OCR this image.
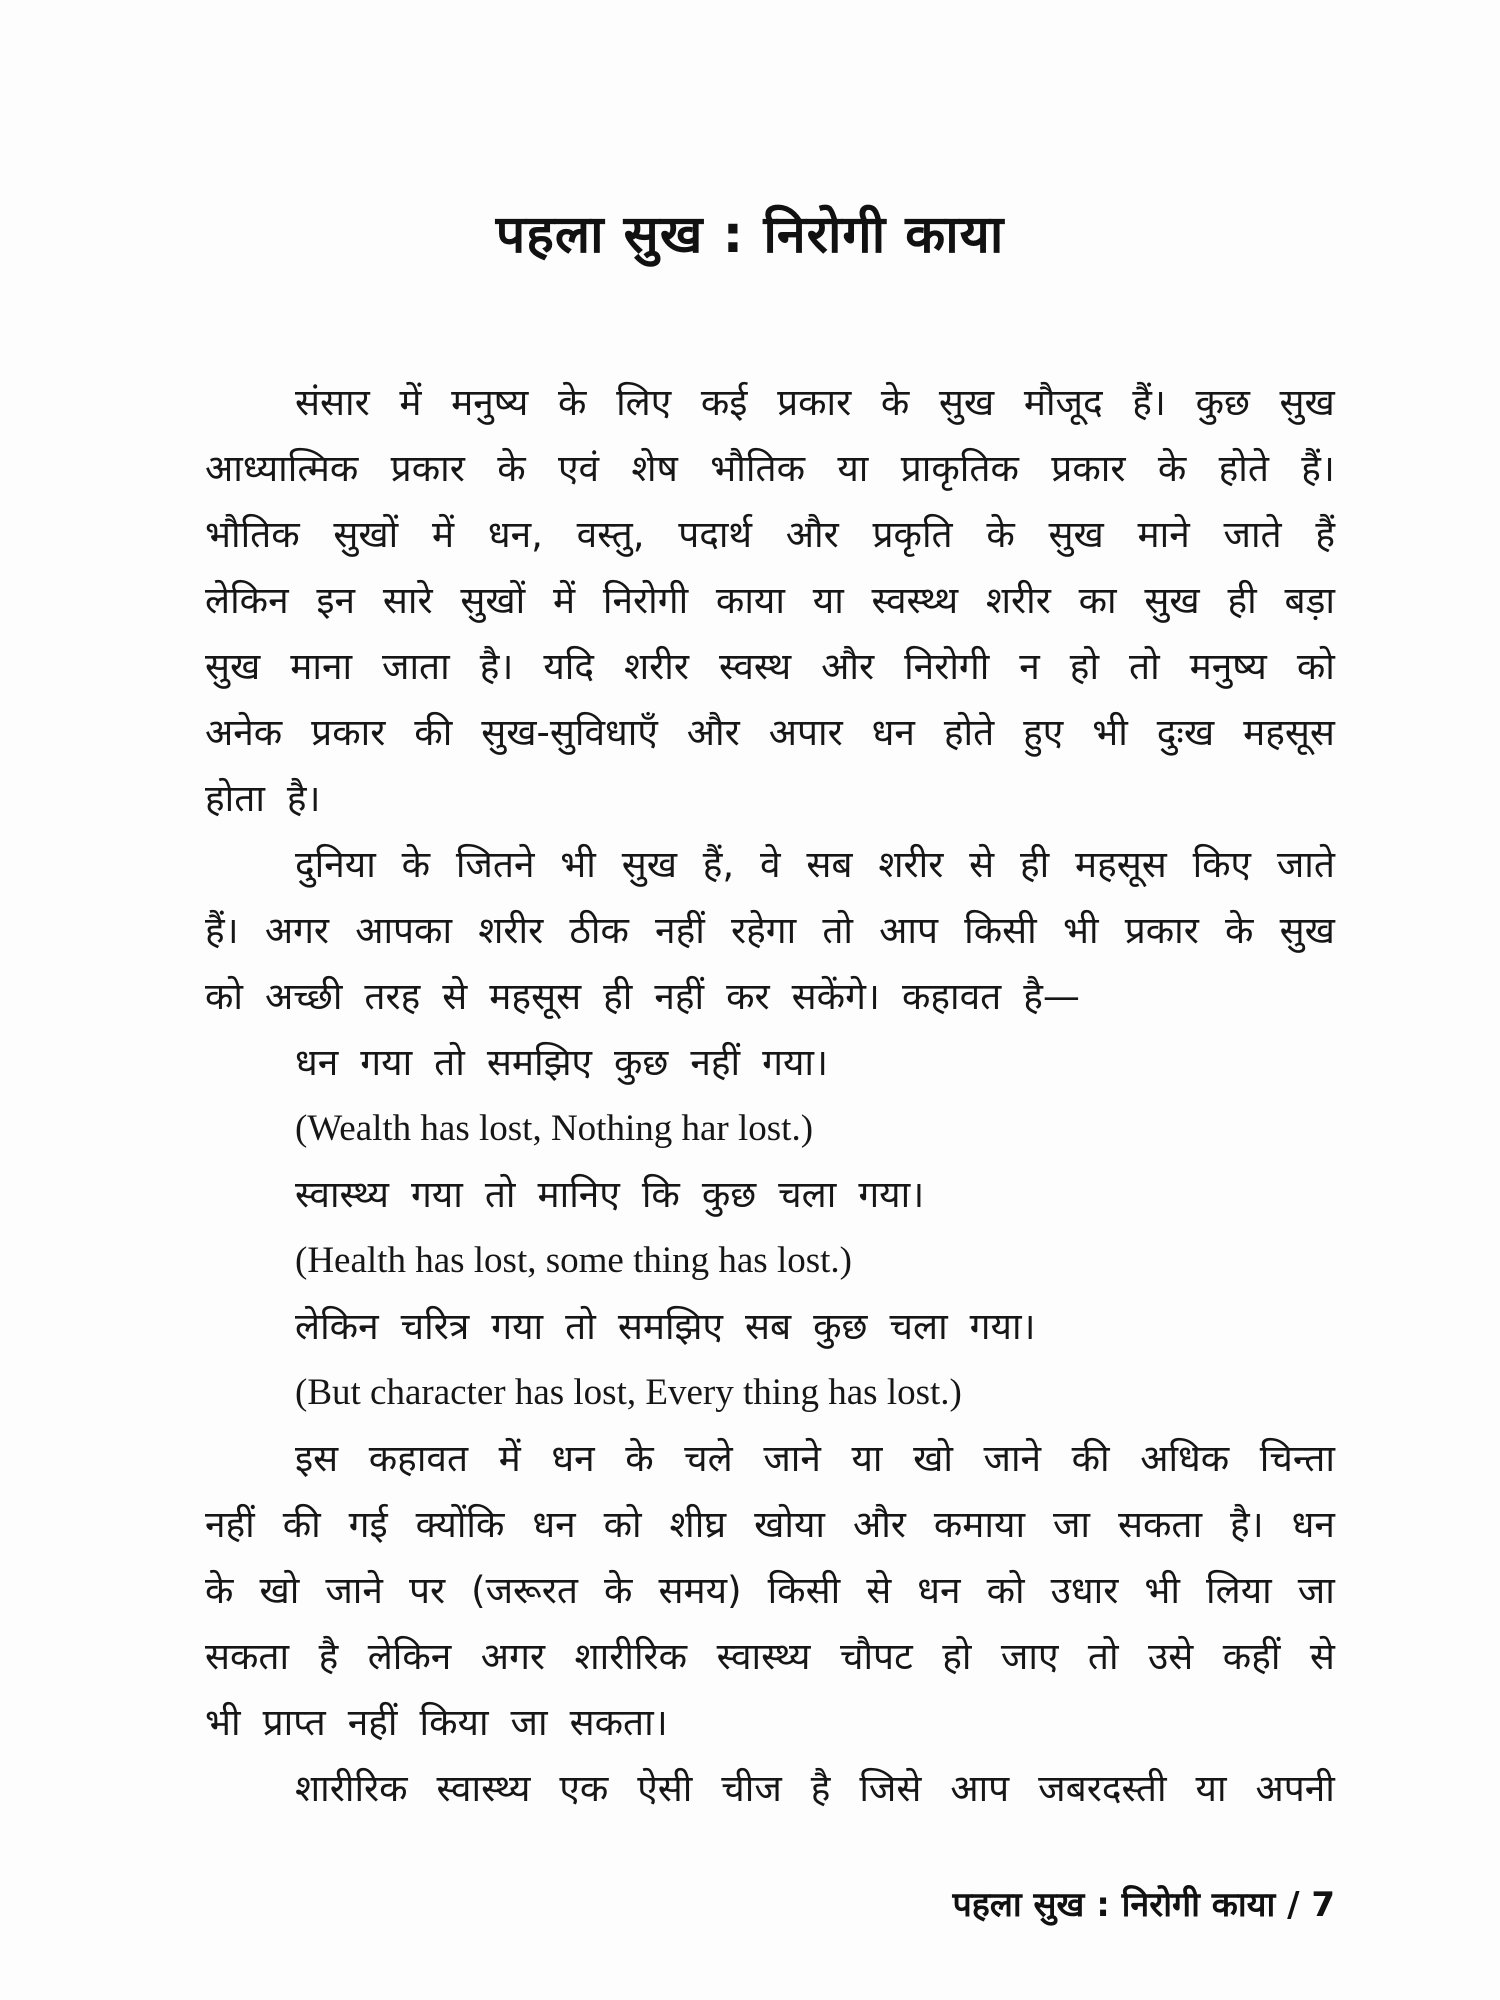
पहला सुख : निरोगी काया
संसार में मनुष्य के लिए कई प्रकार के सुख मौजूद हैं। कुछ सुख
आध्यात्मिक प्रकार के एवं शेष भौतिक या प्राकृतिक प्रकार के होते हैं।
भौतिक सुखों में धन, वस्तु, पदार्थ और प्रकृति के सुख माने जाते हैं
लेकिन इन सारे सुखों में निरोगी काया या स्वस्थ्थ शरीर का सुख ही बड़ा
सुख माना जाता है। यदि शरीर स्वस्थ और निरोगी न हो तो मनुष्य को
अनेक प्रकार की सुख-सुविधाएँ और अपार धन होते हुए भी दुःख महसूस
होता है।
दुनिया के जितने भी सुख हैं, वे सब शरीर से ही महसूस किए जाते
हैं। अगर आपका शरीर ठीक नहीं रहेगा तो आप किसी भी प्रकार के सुख
को अच्छी तरह से महसूस ही नहीं कर सकेंगे। कहावत है—
धन गया तो समझिए कुछ नहीं गया।
(Wealth has lost, Nothing har lost.)
स्वास्थ्य गया तो मानिए कि कुछ चला गया।
(Health has lost, some thing has lost.)
लेकिन चरित्र गया तो समझिए सब कुछ चला गया।
(But character has lost, Every thing has lost.)
इस कहावत में धन के चले जाने या खो जाने की अधिक चिन्ता
नहीं की गई क्योंकि धन को शीघ्र खोया और कमाया जा सकता है। धन
के खो जाने पर (जरूरत के समय) किसी से धन को उधार भी लिया जा
सकता है लेकिन अगर शारीरिक स्वास्थ्य चौपट हो जाए तो उसे कहीं से
भी प्राप्त नहीं किया जा सकता।
शारीरिक स्वास्थ्य एक ऐसी चीज है जिसे आप जबरदस्ती या अपनी
पहला सुख : निरोगी काया / 7
